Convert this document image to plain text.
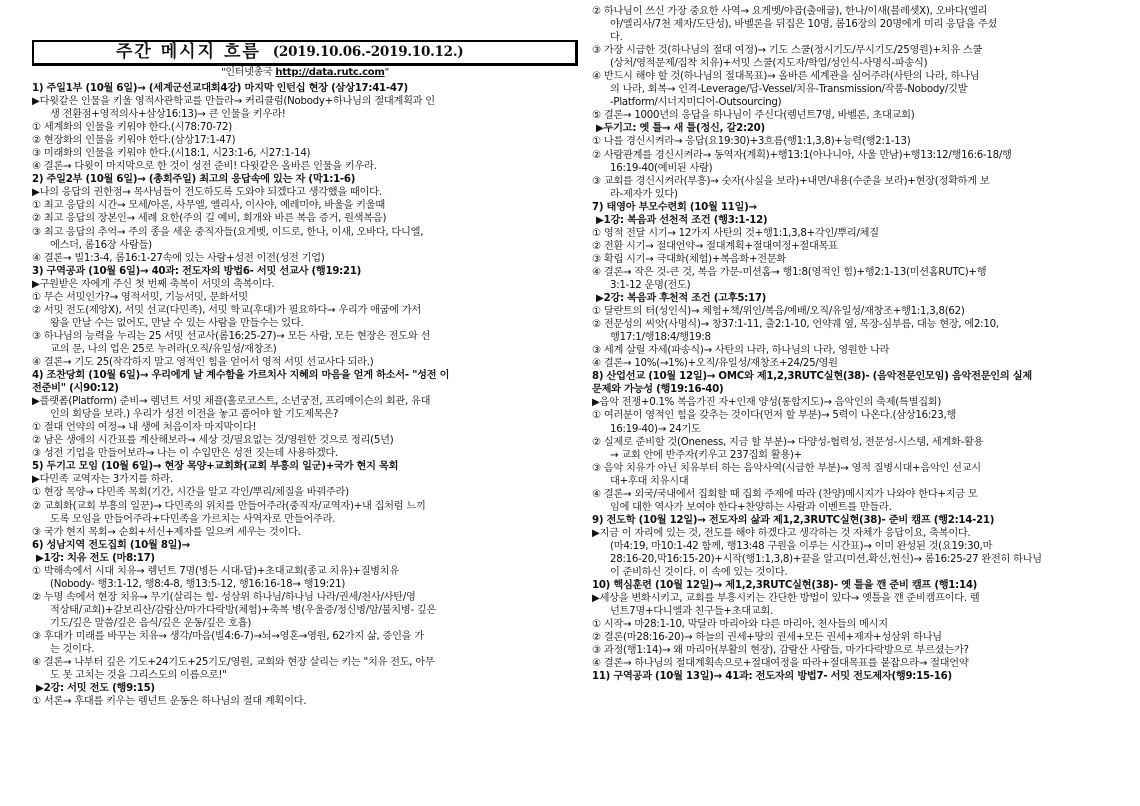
주간 메시지 흐름 (2019.10.06.-2019.10.12.)
"인터넷총국 http://data.rutc.com"
1) 주일1부 (10월 6일)→ (세계군선교대회4강) 마지막 인턴십 현장 (삼상17:41-47)
▶다윗같은 인물을 키울 영적사관학교를 만들라→ 커리큘럼(Nobody+하나님의 절대계획과 인
생 전환점+영적의사+삼상16:13)→ 큰 인물을 키우라!
① 세계화의 인물을 키워야 한다.(시78:70-72)
② 현장화의 인물을 키워야 한다.(삼상17:1-47)
③ 미래화의 인물을 키워야 한다.(시18:1, 시23:1-6, 시27:1-14)
④ 결론→ 다윗이 마지막으로 한 것이 성전 준비! 다윗같은 올바른 인물을 키우라.
2) 주일2부 (10월 6일)→ (총회주일) 최고의 응답속에 있는 자 (막1:1-6)
▶나의 응답의 권한점→ 목사님들이 전도하도록 도와야 되겠다고 생각했을 때이다.
① 최고 응답의 시간→ 모세/아론, 사무엘, 엘리사, 이사야, 예레미야, 바울을 키울때
② 최고 응답의 장본인→ 세례 요한(주의 길 예비, 회개와 바른 복음 증거, 원색복음)
③ 최고 응답의 추억→ 주의 종을 세운 중직자들(요게벳, 이드로, 한나, 이새, 오바다, 다니엘,
에스더, 롬16장 사람들)
④ 결론→ 빌1:3-4, 롬16:1-27속에 있는 사람+성전 이전(성전 기업)
3) 구역공과 (10월 6일)→ 40과: 전도자의 방법6- 서밋 선교사 (행19:21)
▶구원받은 자에게 주신 첫 번째 축복이 서밋의 축복이다.
① 무슨 서밋인가?→ 영적서밋, 기능서밋, 문화서밋
② 서밋 전도(제앙X), 서밋 선교(다민족), 서밋 학교(후대)가 필요하다→ 우리가 애굽에 가서
왕을 만날 수는 없어도, 만날 수 있는 사람을 만들수는 있다.
③ 하나님의 능력을 누리는 25 서밋 선교사(롬16:25-27)→ 모든 사람, 모든 현장은 전도와 선
교의 문, 나의 업은 25로 누려라(오직/유일성/재창조)
④ 결론→ 기도 25(작각하지 말고 영적인 힘을 얻어서 영적 서밋 선교사다 되라.)
4) 조찬당회 (10월 6일)→ 우리에게 날 계수함을 가르치사 지혜의 마음을 얻게 하소서- "성전 이
전준비" (시90:12)
▶플랫폼(Platform) 준비→ 렘넌트 서밋 채플(홀로코스트, 소년궁전, 프리메이슨의 회관, 유대
인의 회당을 보라.) 우리가 성전 이전을 놓고 품어야 할 기도제목은?
① 절대 언약의 여정→ 내 생에 처음이자 마지막이다!
② 남은 생애의 시간표를 계산해보라→ 세상 것/필요없는 것/영원한 것으로 정리(5년)
③ 성전 기업을 만들어보라→ 나는 이 수입만은 성전 짓는데 사용하겠다.
5) 두기고 모임 (10월 6일)→ 현장 목양+교회화(교회 부흥의 일군)+국가 현지 목회
▶다민족 교역자는 3가지를 하라.
① 현장 목양→ 다민족 목회(기간, 시간을 알고 각인/뿌리/체질을 바꿔주라)
② 교회화(교회 부흥의 일꾼)→ 다민족의 위치를 만들어주라(중직자/교역자)+내 집처럼 느끼
도록 모임을 만들어주라+다민족을 가르치는 사역자로 만들어주라.
③ 국가 현지 목회→ 순회+서신+제자를 일으켜 세우는 것이다.
6) 성남지역 전도집회 (10월 8일)→
▶1강: 치유 전도 (마8:17)
① 박해속에서 시대 치유→ 렘넌트 7명(병든 시대-답)+초대교회(종교 치유)+질병치유
(Nobody- 행3:1-12, 행8:4-8, 행13:5-12, 행16:16-18→ 행19:21)
② 누명 속에서 현장 치유→ 무기(살리는 힘- 성삼위 하나님/하나님 나라/권세/천사/사탄/영
적상태/교회)+갈보리산/감람산/마가다락방(체험)+축복 병(우울증/정신병/암/불치병- 깊은
기도/깊은 말씀/깊은 음식/깊은 운동/깊은 호흡)
③ 후대가 미래를 바꾸는 치유→ 생각/마음(빌4:6-7)→뇌→영혼→영원, 62가지 삶, 증인을 가
는 것이다.
④ 결론→ 나부터 깊은 기도+24기도+25기도/영원, 교회와 현장 살리는 키는 "치유 전도, 아무
도 못 고치는 것을 그리스도의 이름으로!"
▶2강: 서밋 전도 (행9:15)
① 서론→ 후대를 키우는 렘넌트 운동은 하나님의 절대 계획이다.
② 하나님이 쓰신 가장 중요한 사역→ 요게벳/야곱(출애굽), 한나/이새(블레셋X), 오바다(엘리
야/엘리사/7천 제자/도단성), 바벨론을 뒤집은 10명, 롬16장의 20명에게 미리 응답을 주셨
다.
③ 가장 시급한 것(하나님의 절대 여정)→ 기도 스쿨(정시기도/무시기도/25영원)+치유 스쿨
(상처/영적문제/집착 치유)+서밋 스쿨(지도자/학업/성인식-사명식-파송식)
④ 반드시 해야 할 것(하나님의 절대목표)→ 올바른 세계관을 심어주라(사탄의 나라, 하나님
의 나라, 회복→ 인격-Leverage/답-Vessel/치유-Transmission/작품-Nobody/깃발
-Platform/시너지미디어-Outsourcing)
⑤ 결론→ 1000년의 응답을 하나님이 주신다(렘넌트7명, 바벨론, 초대교회)
▶두기고: 옛 틀→ 새 틀(정신, 갈2:20)
① 나를 경신시켜라→ 응답(요19:30)+3흐름(행1:1,3,8)+능력(행2:1-13)
② 사람관계를 경신시켜라→ 동역자(계획)+행13:1(아나니아, 사울 만남)+행13:12/행16:6-18/행
16:19-40(예비된 사람)
③ 교회를 경신시켜라(부흥)→ 숫자(사실을 보라)+내면/내용(수준을 보라)+현장(정확하게 보
라-제자가 있다)
7) 태영아 부모수련회 (10월 11일)→
▶1강: 복음과 선천적 조건 (행3:1-12)
① 영적 전달 시기→ 12가지 사탄의 것+행1:1,3,8+각인/뿌리/체질
② 전환 시기→ 절대언약→ 절대계획+절대여정+절대목표
③ 확립 시기→ 극대화(체험)+복음화+전문화
④ 결론→ 작은 것-큰 것, 복음 가문-미션홈→ 행1:8(영적인 힘)+행2:1-13(미션홈RUTC)+행
3:1-12 운명(전도)
▶2강: 복음과 후천적 조건 (고후5:17)
① 달란트의 터(성인식)→ 체험+책/위인/복음/예배/오직/유일성/재창조+행1:1,3,8(62)
② 전문성의 씨앗(사명식)→ 창37:1-11, 출2:1-10, 언약궤 옆, 목장-심부름, 대능 현장, 에2:10,
행17:1/행18:4/행19:8
③ 세계 살릴 자세(파송식)→ 사탄의 나라, 하나님의 나라, 영원한 나라
④ 결론→ 10%(→1%)+오직/유일성/재창조+24/25/영원
8) 산업선교 (10월 12일)→ OMC와 제1,2,3RUTC실현(38)- (음악전문인모임) 음악전문인의 실제
문제와 가능성 (행19:16-40)
▶음악 전쟁+0.1% 복음가진 자+인재 양성(통합지도)→ 음악인의 축제(특별집회)
① 여러분이 영적인 힘을 갖추는 것이다(먼저 할 부분)→ 5력이 나온다.(삼상16:23,행
16:19-40)→ 24기도
② 실제로 준비할 것(Oneness, 지금 할 부분)→ 다양성-협력성, 전문성-시스템, 세계화-활용
→ 교회 안에 반주자(키우고 237집회 활용)+
③ 음악 치유가 아닌 치유부터 하는 음악사역(시급한 부분)→ 영적 질병시대+음악인 선교시
대+후대 치유시대
④ 결론→ 외국/국내에서 집회할 때 집회 주제에 따라 (찬양)메시지가 나와야 한다+지금 모
임에 대한 역사가 보여야 한다+찬양하는 사람과 이벤트를 만들라.
9) 전도학 (10월 12일)→ 전도자의 삶과 제1,2,3RUTC실현(38)- 준비 캠프 (행2:14-21)
▶지금 이 자리에 있는 것, 전도를 해야 하겠다고 생각하는 것 자체가 응답이요, 축복이다.
(마4:19, 마10:1-42 함께, 행13:48 구원을 이루는 시간표)→ 이미 완성된 것(요19:30,마
28:16-20,막16:15-20)+시작(행1:1,3,8)+끝을 알고(미션,확신,헌신)→ 롬16:25-27 완전히 하나님
이 준비하신 것이다. 이 속에 있는 것이다.
10) 핵심훈련 (10월 12일)→ 제1,2,3RUTC실현(38)- 옛 틀을 깬 준비 캠프 (행1:14)
▶세상을 변화시키고, 교회를 부흥시키는 간단한 방법이 있다→ 옛틀을 깬 준비캠프이다. 렘
넌트7명+다니엘과 친구들+초대교회.
① 시작→ 마28:1-10, 막달라 마리아와 다른 마리아, 천사들의 메시지
② 결론(마28:16-20)→ 하늘의 권세+땅의 권세+모든 권세+제자+성삼위 하나님
③ 과정(행1:14)→ 왜 마리아(부활의 현장), 감람산 사람들, 마가다락방으로 부르셨는가?
④ 결론→ 하나님의 절대계획속으로+절대여정을 따라+절대목표를 붙잡으라→ 절대언약
11) 구역공과 (10월 13일)→ 41과: 전도자의 방법7- 서밋 전도제자(행9:15-16)
